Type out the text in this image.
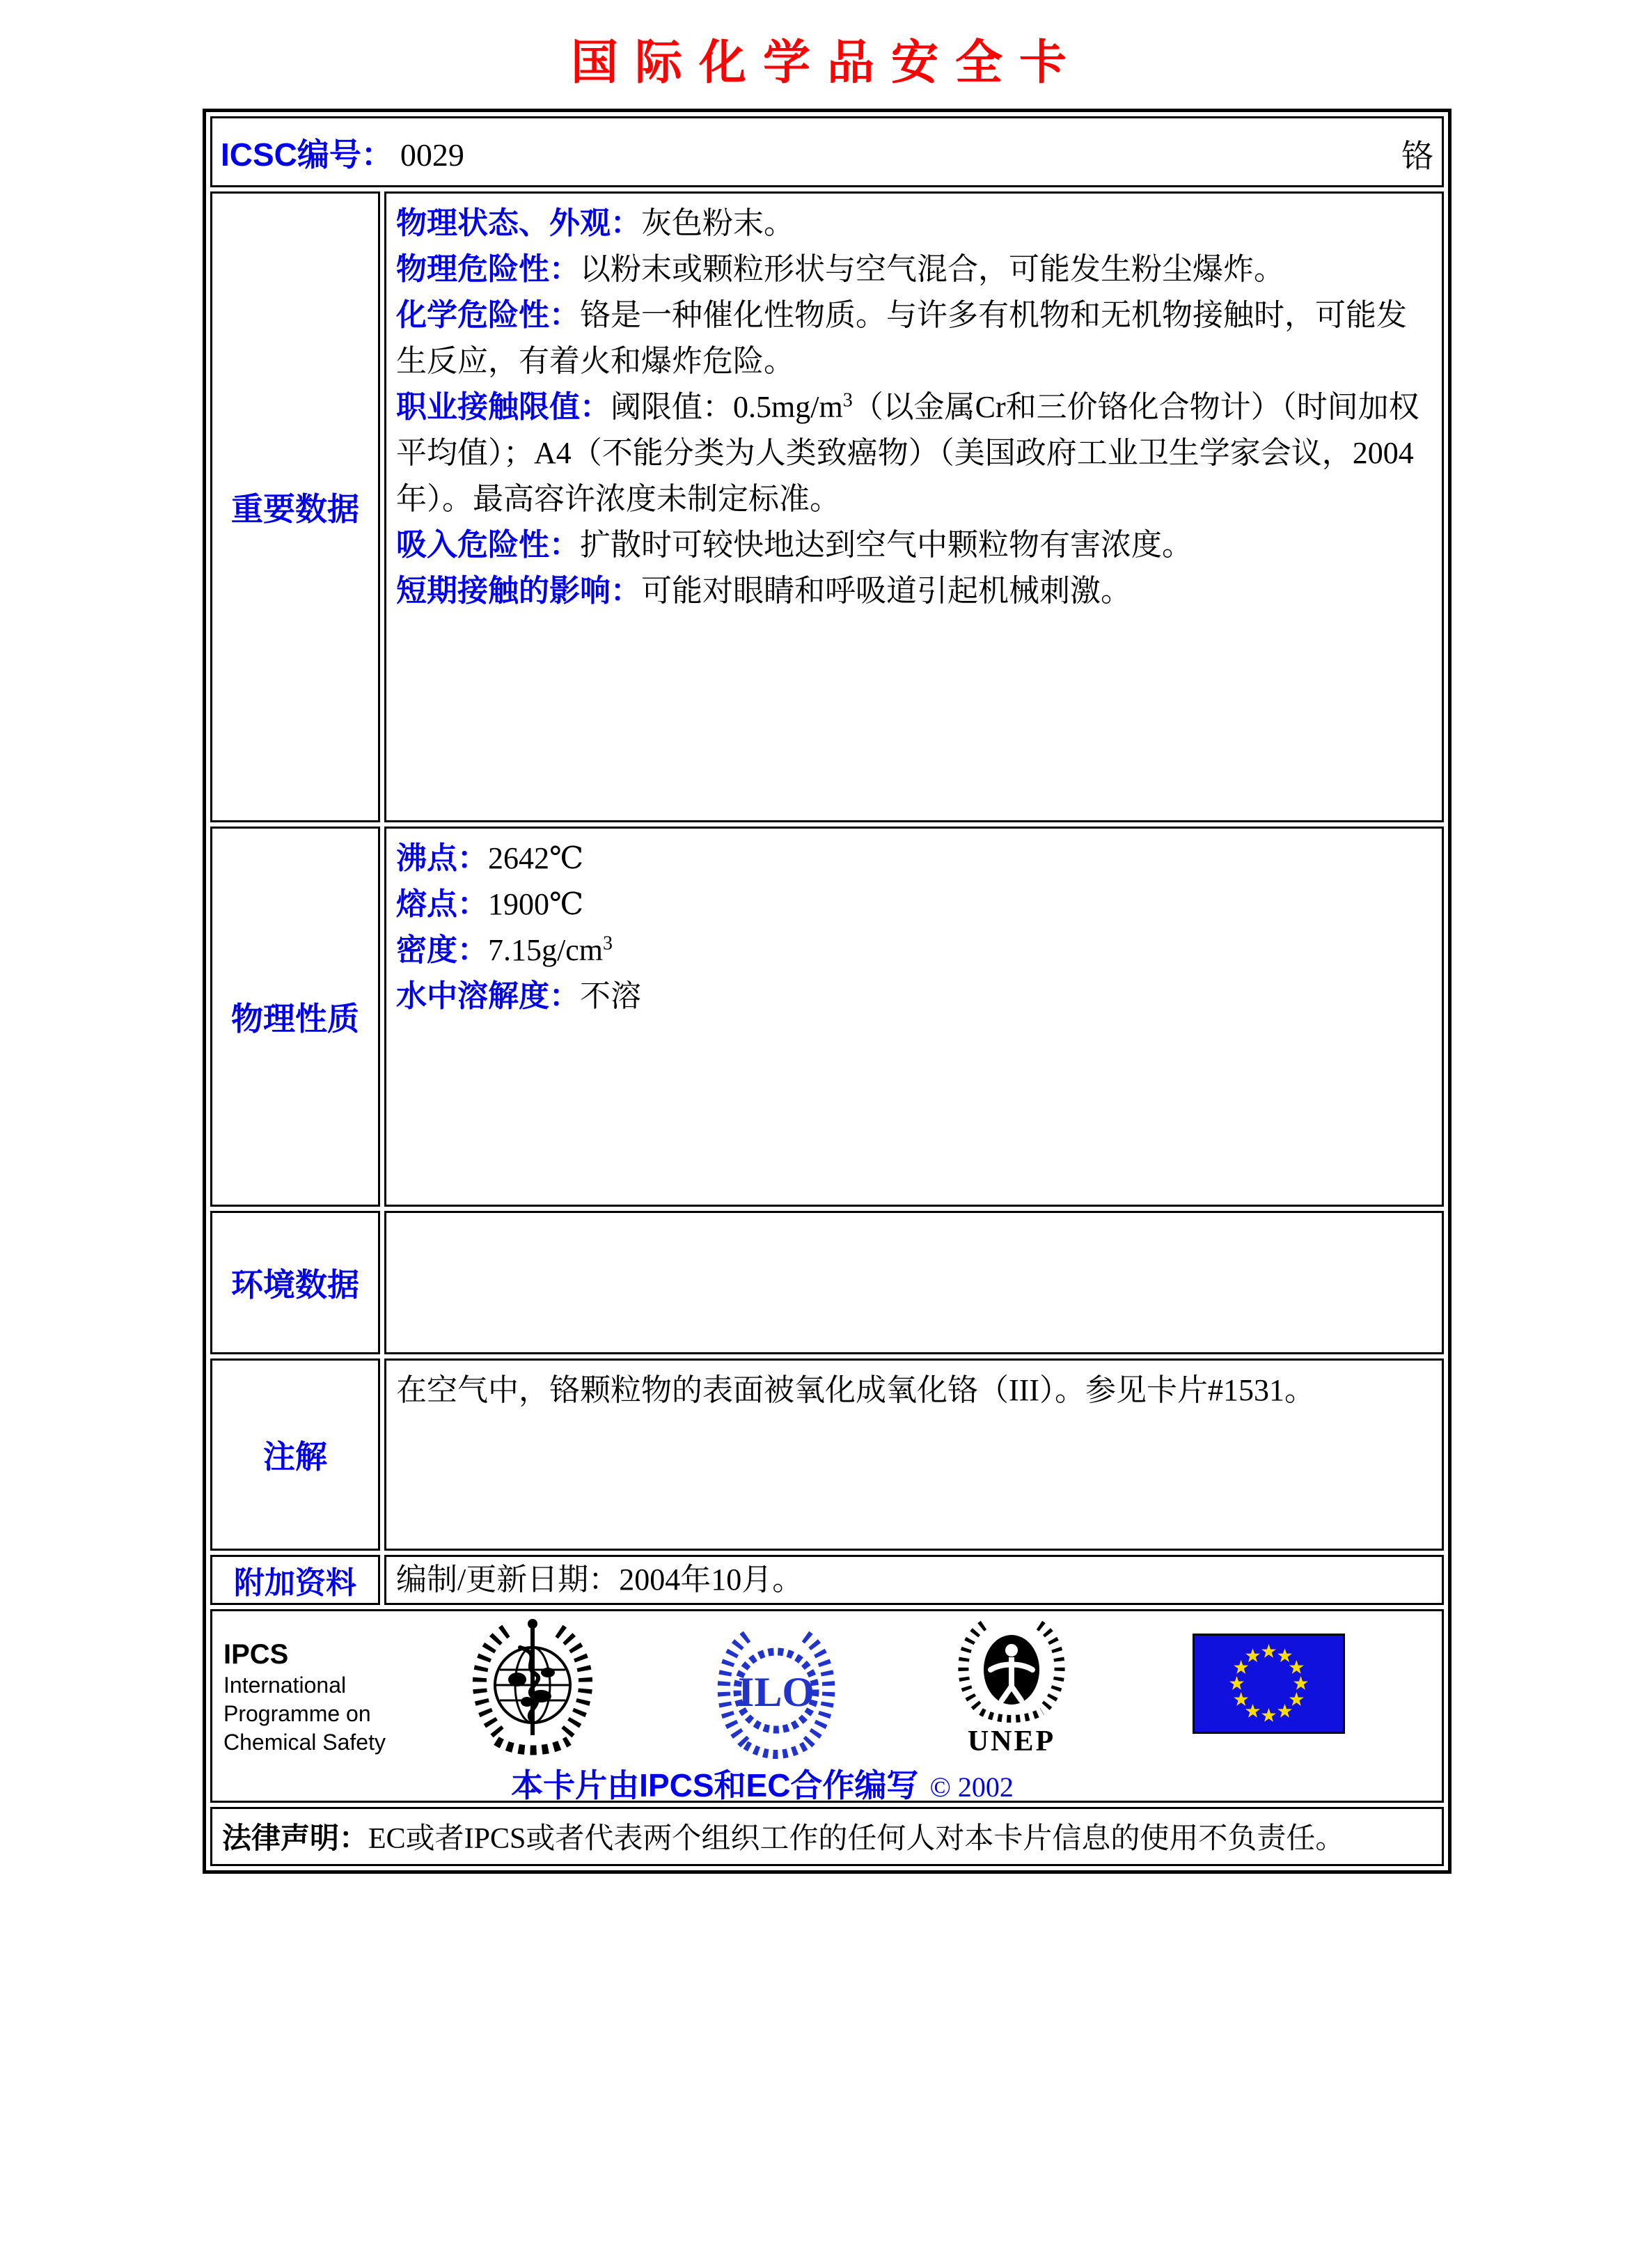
国际化学品安全卡
铬
ICSC编号： 0029	
重要数据	
物理状态、外观：灰色粉末。
物理危险性：以粉末或颗粒形状与空气混合，可能发生粉尘爆炸。
化学危险性：铬是一种催化性物质。与许多有机物和无机物接触时，可能发生反应，有着火和爆炸危险。
职业接触限值：阈限值：$0.5mg/m^3$（以金属Cr和三价铬化合物计）（时间加权平均值）；A4（不能分类为人类致癌物）（美国政府工业卫生学家会议，2004年）。最高容许浓度未制定标准。
吸入危险性：扩散时可较快地达到空气中颗粒物有害浓度。
短期接触的影响：可能对眼睛和呼吸道引起机械刺激。

物理性质	沸点：2642℃
熔点：1900℃
密度：$7.15g/cm^3$
水中溶解度：不溶

环境数据	

注解	在空气中，铬颗粒物的表面被氧化成氧化铬（III）。参见卡片#1531。

附加资料	编制/更新日期：2004年10月。

IPCS
International
Programme on
Chemical Safety
ILO
UNEP
本卡片由IPCS和EC合作编写 © 2002

法律声明：EC或者IPCS或者代表两个组织工作的任何人对本卡片信息的使用不负责任。	
